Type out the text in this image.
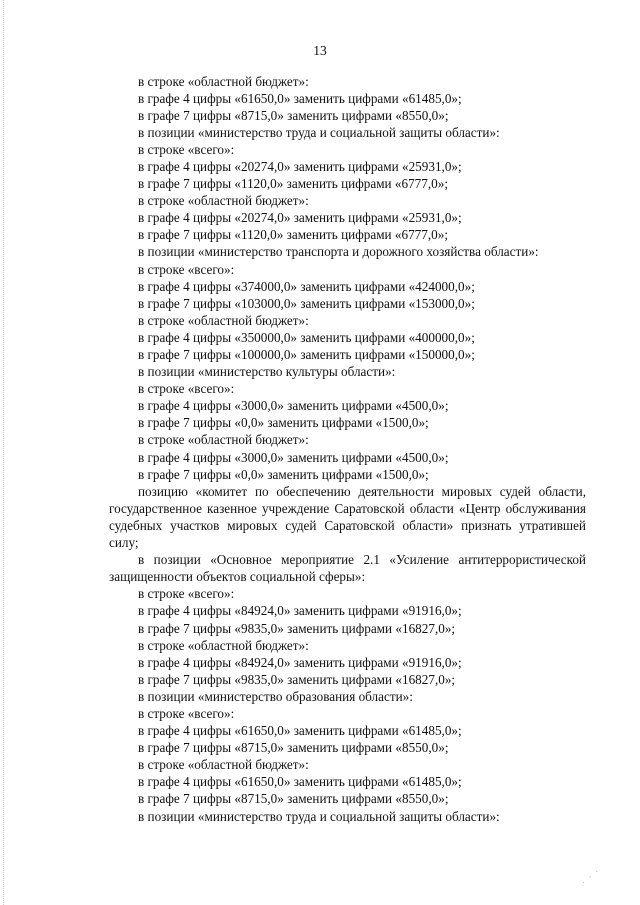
13
в строке «областной бюджет»:
в графе 4 цифры «61650,0» заменить цифрами «61485,0»;
в графе 7 цифры «8715,0» заменить цифрами «8550,0»;
в позиции «министерство труда и социальной защиты области»:
в строке «всего»:
в графе 4 цифры «20274,0» заменить цифрами «25931,0»;
в графе 7 цифры «1120,0» заменить цифрами «6777,0»;
в строке «областной бюджет»:
в графе 4 цифры «20274,0» заменить цифрами «25931,0»;
в графе 7 цифры «1120,0» заменить цифрами «6777,0»;
в позиции «министерство транспорта и дорожного хозяйства области»:
в строке «всего»:
в графе 4 цифры «374000,0» заменить цифрами «424000,0»;
в графе 7 цифры «103000,0» заменить цифрами «153000,0»;
в строке «областной бюджет»:
в графе 4 цифры «350000,0» заменить цифрами «400000,0»;
в графе 7 цифры «100000,0» заменить цифрами «150000,0»;
в позиции «министерство культуры области»:
в строке «всего»:
в графе 4 цифры «3000,0» заменить цифрами «4500,0»;
в графе 7 цифры «0,0» заменить цифрами «1500,0»;
в строке «областной бюджет»:
в графе 4 цифры «3000,0» заменить цифрами «4500,0»;
в графе 7 цифры «0,0» заменить цифрами «1500,0»;
позицию «комитет по обеспечению деятельности мировых судей области, государственное казенное учреждение Саратовской области «Центр обслуживания судебных участков мировых судей Саратовской области» признать утратившей силу;
в позиции «Основное мероприятие 2.1 «Усиление антитеррористической защищенности объектов социальной сферы»:
в строке «всего»:
в графе 4 цифры «84924,0» заменить цифрами «91916,0»;
в графе 7 цифры «9835,0» заменить цифрами «16827,0»;
в строке «областной бюджет»:
в графе 4 цифры «84924,0» заменить цифрами «91916,0»;
в графе 7 цифры «9835,0» заменить цифрами «16827,0»;
в позиции «министерство образования области»:
в строке «всего»:
в графе 4 цифры «61650,0» заменить цифрами «61485,0»;
в графе 7 цифры «8715,0» заменить цифрами «8550,0»;
в строке «областной бюджет»:
в графе 4 цифры «61650,0» заменить цифрами «61485,0»;
в графе 7 цифры «8715,0» заменить цифрами «8550,0»;
в позиции «министерство труда и социальной защиты области»:
· · ·
